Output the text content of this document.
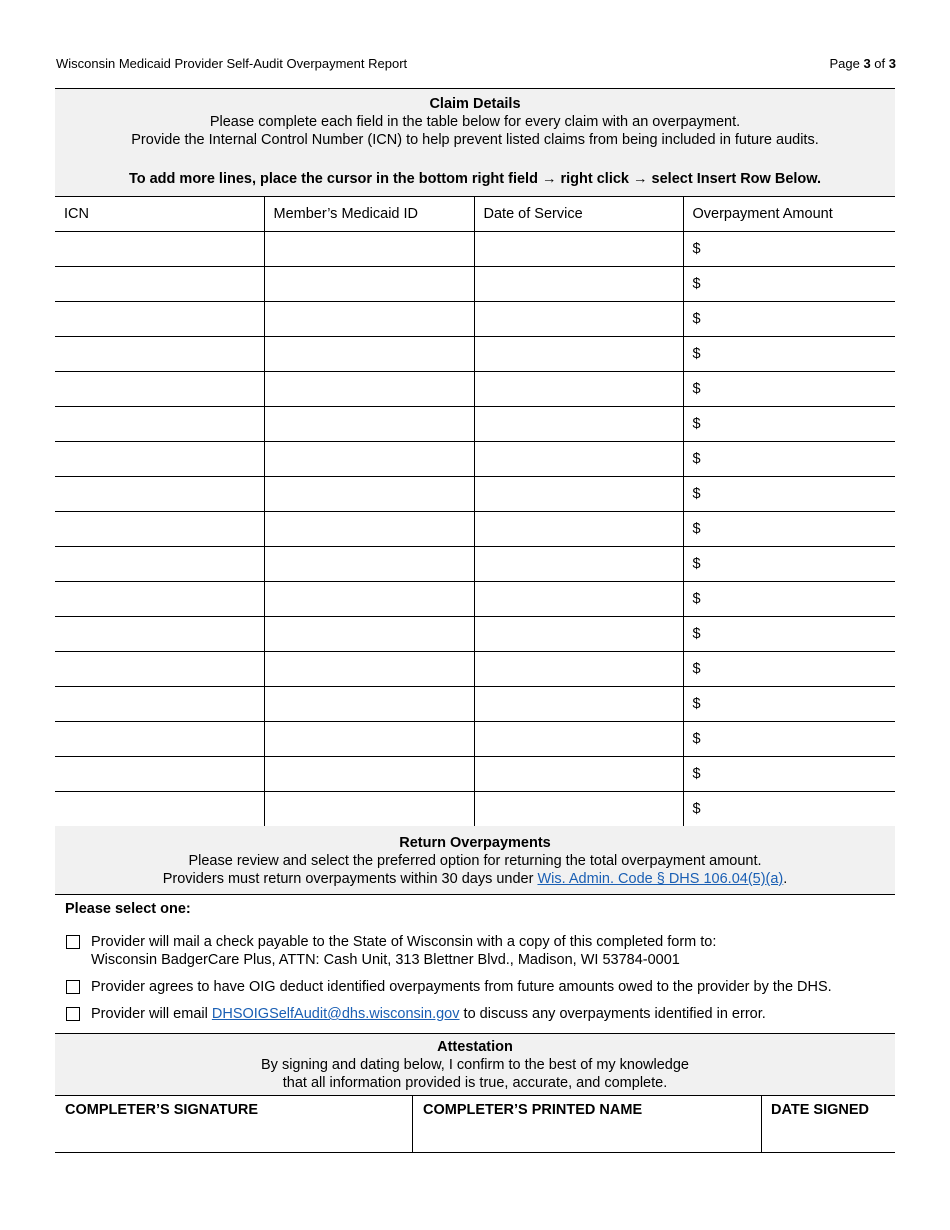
Wisconsin Medicaid Provider Self-Audit Overpayment Report	Page 3 of 3
Claim Details
Please complete each field in the table below for every claim with an overpayment.
Provide the Internal Control Number (ICN) to help prevent listed claims from being included in future audits.
To add more lines, place the cursor in the bottom right field → right click → select Insert Row Below.
ICN	Member’s Medicaid ID	Date of Service	Overpayment Amount
			$
			$
			$
			$
			$
			$
			$
			$
			$
			$
			$
			$
			$
			$
			$
			$
			$
Return Overpayments
Please review and select the preferred option for returning the total overpayment amount.
Providers must return overpayments within 30 days under Wis. Admin. Code § DHS 106.04(5)(a).
Please select one:
Provider will mail a check payable to the State of Wisconsin with a copy of this completed form to:
Wisconsin BadgerCare Plus, ATTN: Cash Unit, 313 Blettner Blvd., Madison, WI 53784-0001
Provider agrees to have OIG deduct identified overpayments from future amounts owed to the provider by the DHS.
Provider will email DHSOIGSelfAudit@dhs.wisconsin.gov to discuss any overpayments identified in error.
Attestation
By signing and dating below, I confirm to the best of my knowledge
that all information provided is true, accurate, and complete.
COMPLETER’S SIGNATURE	COMPLETER’S PRINTED NAME	DATE SIGNED
